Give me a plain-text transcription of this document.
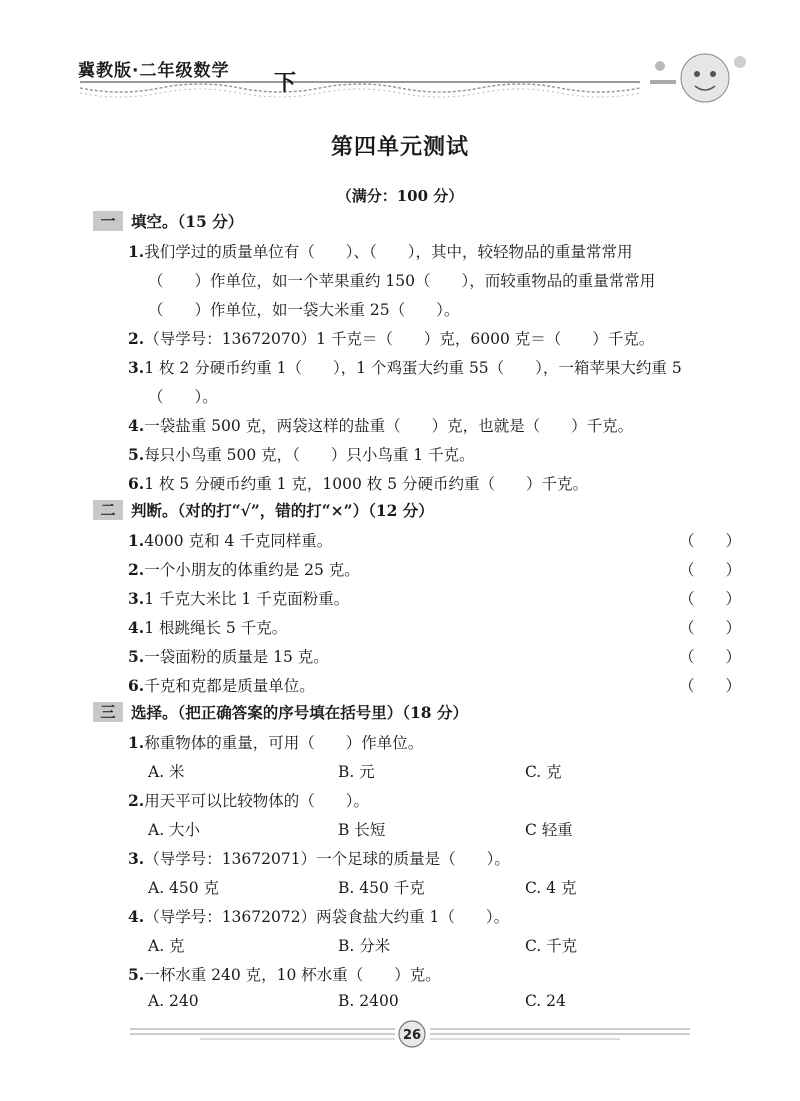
冀教版·二年级数学 下
第四单元测试
（满分：100 分）
一	填空。（15 分）
1.我们学过的质量单位有（　　）、（　　），其中，较轻物品的重量常常用
（　　）作单位，如一个苹果重约 150（　　），而较重物品的重量常常用
（　　）作单位，如一袋大米重 25（　　）。
2.（导学号：13672070）1 千克＝（　　）克，6000 克＝（　　）千克。
3.1 枚 2 分硬币约重 1（　　），1 个鸡蛋大约重 55（　　），一箱苹果大约重 5
（　　）。
4.一袋盐重 500 克，两袋这样的盐重（　　）克，也就是（　　）千克。
5.每只小鸟重 500 克，（　　）只小鸟重 1 千克。
6.1 枚 5 分硬币约重 1 克，1000 枚 5 分硬币约重（　　）千克。
二	判断。（对的打“√”，错的打“×”）（12 分）
1.4000 克和 4 千克同样重。	（　　）
2.一个小朋友的体重约是 25 克。	（　　）
3.1 千克大米比 1 千克面粉重。	（　　）
4.1 根跳绳长 5 千克。	（　　）
5.一袋面粉的质量是 15 克。	（　　）
6.千克和克都是质量单位。	（　　）
三	选择。（把正确答案的序号填在括号里）（18 分）
1.称重物体的重量，可用（　　）作单位。
A. 米	B. 元	C. 克
2.用天平可以比较物体的（　　）。
A. 大小	B 长短	C 轻重
3.（导学号：13672071）一个足球的质量是（　　）。
A. 450 克	B. 450 千克	C. 4 克
4.（导学号：13672072）两袋食盐大约重 1（　　）。
A. 克	B. 分米	C. 千克
5.一杯水重 240 克，10 杯水重（　　）克。
A. 240	B. 2400	C. 24
26
